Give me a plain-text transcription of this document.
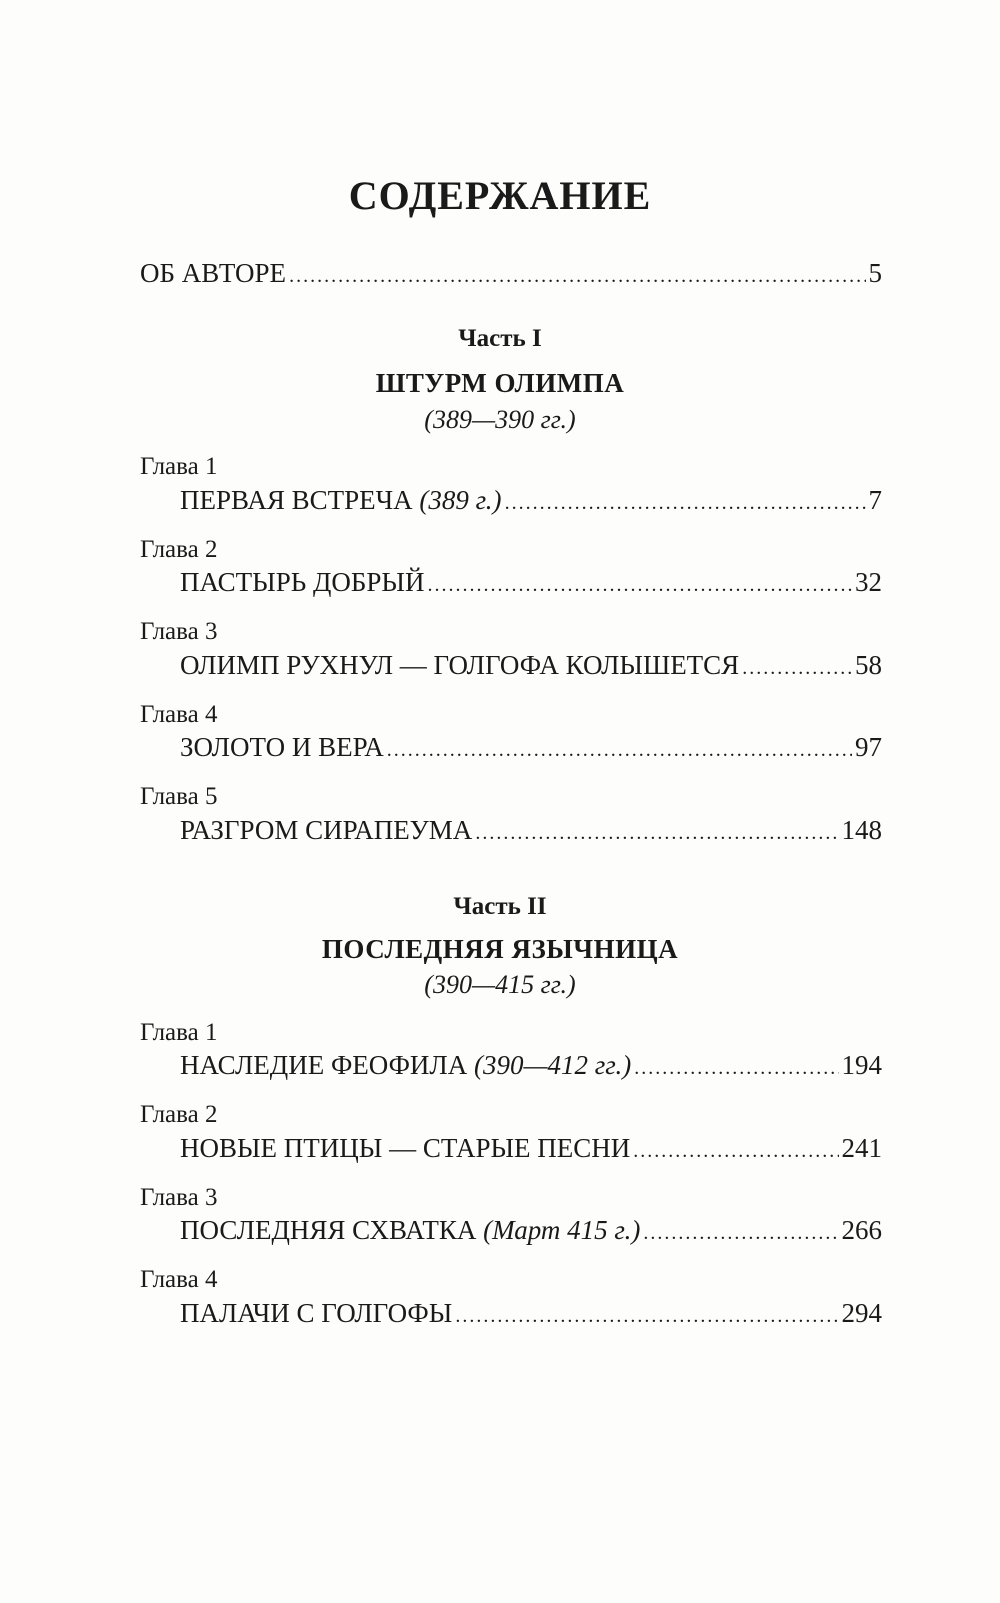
СОДЕРЖАНИЕ
ОБ АВТОРЕ .....	5
Часть I
ШТУРМ ОЛИМПА
(389—390 гг.)
Глава 1
ПЕРВАЯ ВСТРЕЧА (389 г.) .....	7
Глава 2
ПАСТЫРЬ ДОБРЫЙ .....	32
Глава 3
ОЛИМП РУХНУЛ — ГОЛГОФА КОЛЫШЕТСЯ .....	58
Глава 4
ЗОЛОТО И ВЕРА .....	97
Глава 5
РАЗГРОМ СИРАПЕУМА .....	148
Часть II
ПОСЛЕДНЯЯ ЯЗЫЧНИЦА
(390—415 гг.)
Глава 1
НАСЛЕДИЕ ФЕОФИЛА (390—412 гг.) .....	194
Глава 2
НОВЫЕ ПТИЦЫ — СТАРЫЕ ПЕСНИ .....	241
Глава 3
ПОСЛЕДНЯЯ СХВАТКА (Март 415 г.) .....	266
Глава 4
ПАЛАЧИ С ГОЛГОФЫ .....	294
